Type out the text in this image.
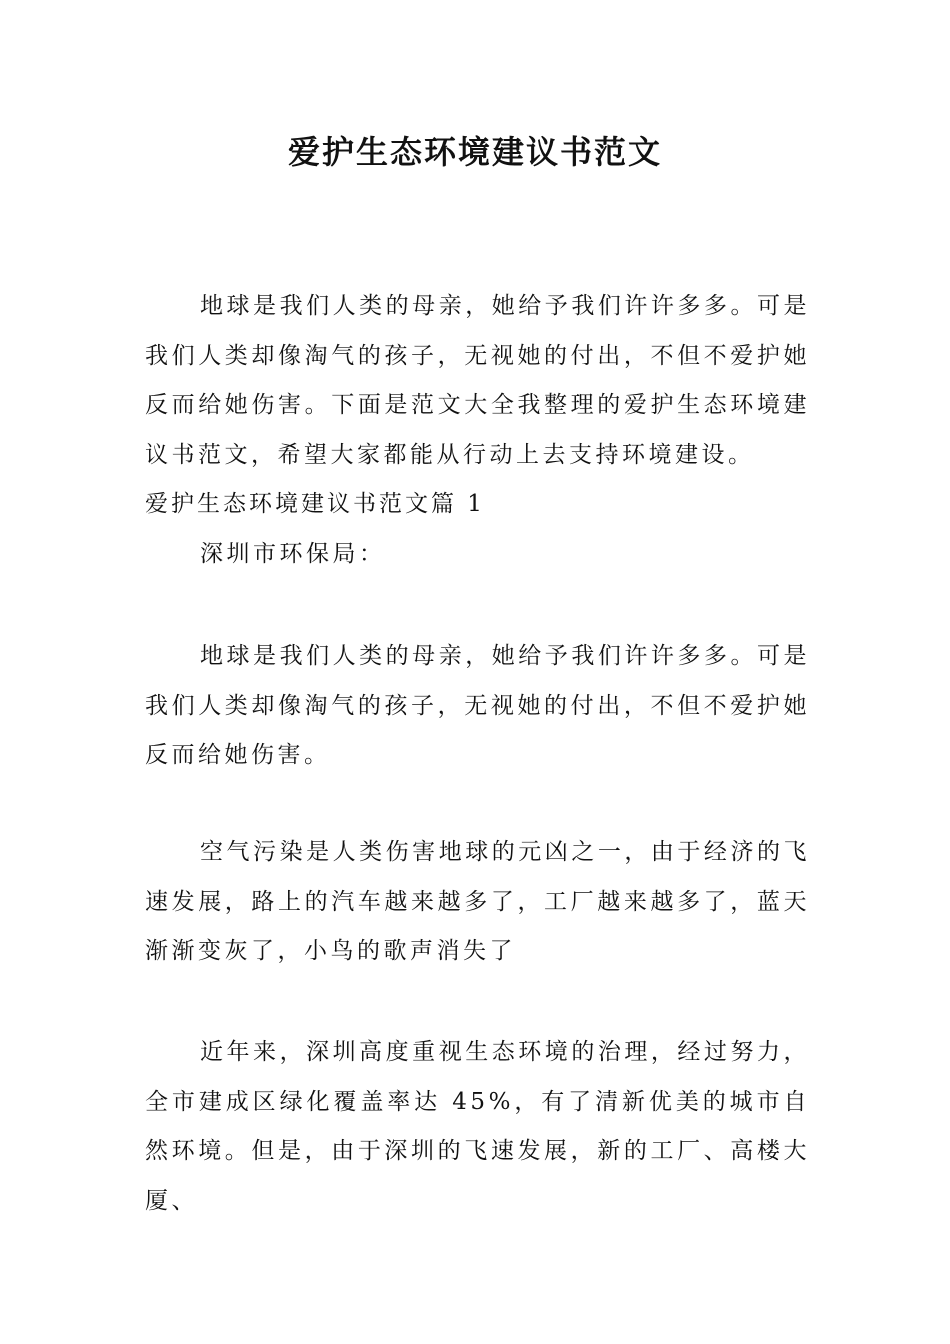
爱护生态环境建议书范文

地球是我们人类的母亲，她给予我们许许多多。可是我们人类却像淘气的孩子，无视她的付出，不但不爱护她反而给她伤害。下面是范文大全我整理的爱护生态环境建议书范文，希望大家都能从行动上去支持环境建设。

爱护生态环境建议书范文篇 1

深圳市环保局：

地球是我们人类的母亲，她给予我们许许多多。可是我们人类却像淘气的孩子，无视她的付出，不但不爱护她反而给她伤害。

空气污染是人类伤害地球的元凶之一，由于经济的飞速发展，路上的汽车越来越多了，工厂越来越多了，蓝天渐渐变灰了，小鸟的歌声消失了

近年来，深圳高度重视生态环境的治理，经过努力，全市建成区绿化覆盖率达 45%，有了清新优美的城市自然环境。但是，由于深圳的飞速发展，新的工厂、高楼大厦、
